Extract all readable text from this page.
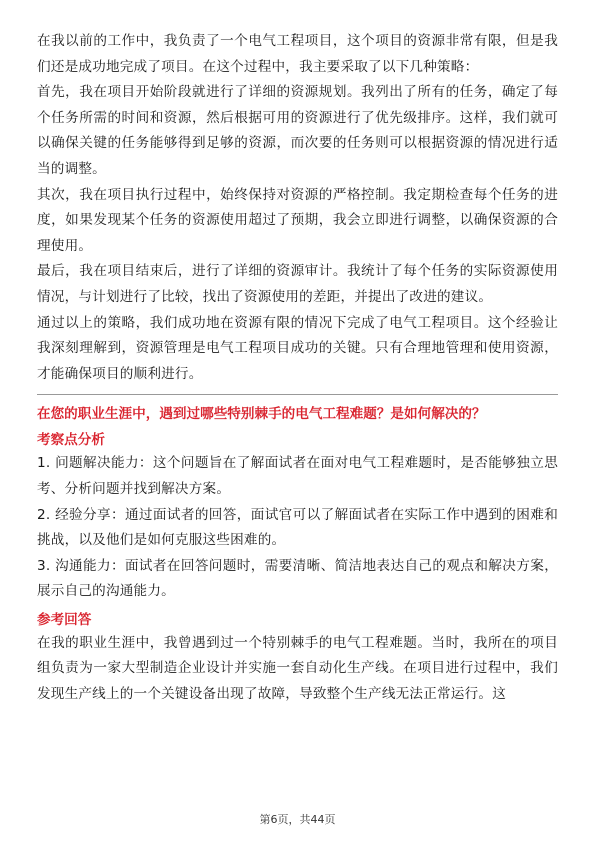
在我以前的工作中，我负责了一个电气工程项目，这个项目的资源非常有限，但是我们还是成功地完成了项目。在这个过程中，我主要采取了以下几种策略：

首先，我在项目开始阶段就进行了详细的资源规划。我列出了所有的任务，确定了每个任务所需的时间和资源，然后根据可用的资源进行了优先级排序。这样，我们就可以确保关键的任务能够得到足够的资源，而次要的任务则可以根据资源的情况进行适当的调整。

其次，我在项目执行过程中，始终保持对资源的严格控制。我定期检查每个任务的进度，如果发现某个任务的资源使用超过了预期，我会立即进行调整，以确保资源的合理使用。

最后，我在项目结束后，进行了详细的资源审计。我统计了每个任务的实际资源使用情况，与计划进行了比较，找出了资源使用的差距，并提出了改进的建议。

通过以上的策略，我们成功地在资源有限的情况下完成了电气工程项目。这个经验让我深刻理解到，资源管理是电气工程项目成功的关键。只有合理地管理和使用资源，才能确保项目的顺利进行。

在您的职业生涯中，遇到过哪些特别棘手的电气工程难题？是如何解决的？
考察点分析

1. 问题解决能力：这个问题旨在了解面试者在面对电气工程难题时，是否能够独立思考、分析问题并找到解决方案。

2. 经验分享：通过面试者的回答，面试官可以了解面试者在实际工作中遇到的困难和挑战，以及他们是如何克服这些困难的。

3. 沟通能力：面试者在回答问题时，需要清晰、简洁地表达自己的观点和解决方案，展示自己的沟通能力。

参考回答

在我的职业生涯中，我曾遇到过一个特别棘手的电气工程难题。当时，我所在的项目组负责为一家大型制造企业设计并实施一套自动化生产线。在项目进行过程中，我们发现生产线上的一个关键设备出现了故障，导致整个生产线无法正常运行。这

第6页，共44页
